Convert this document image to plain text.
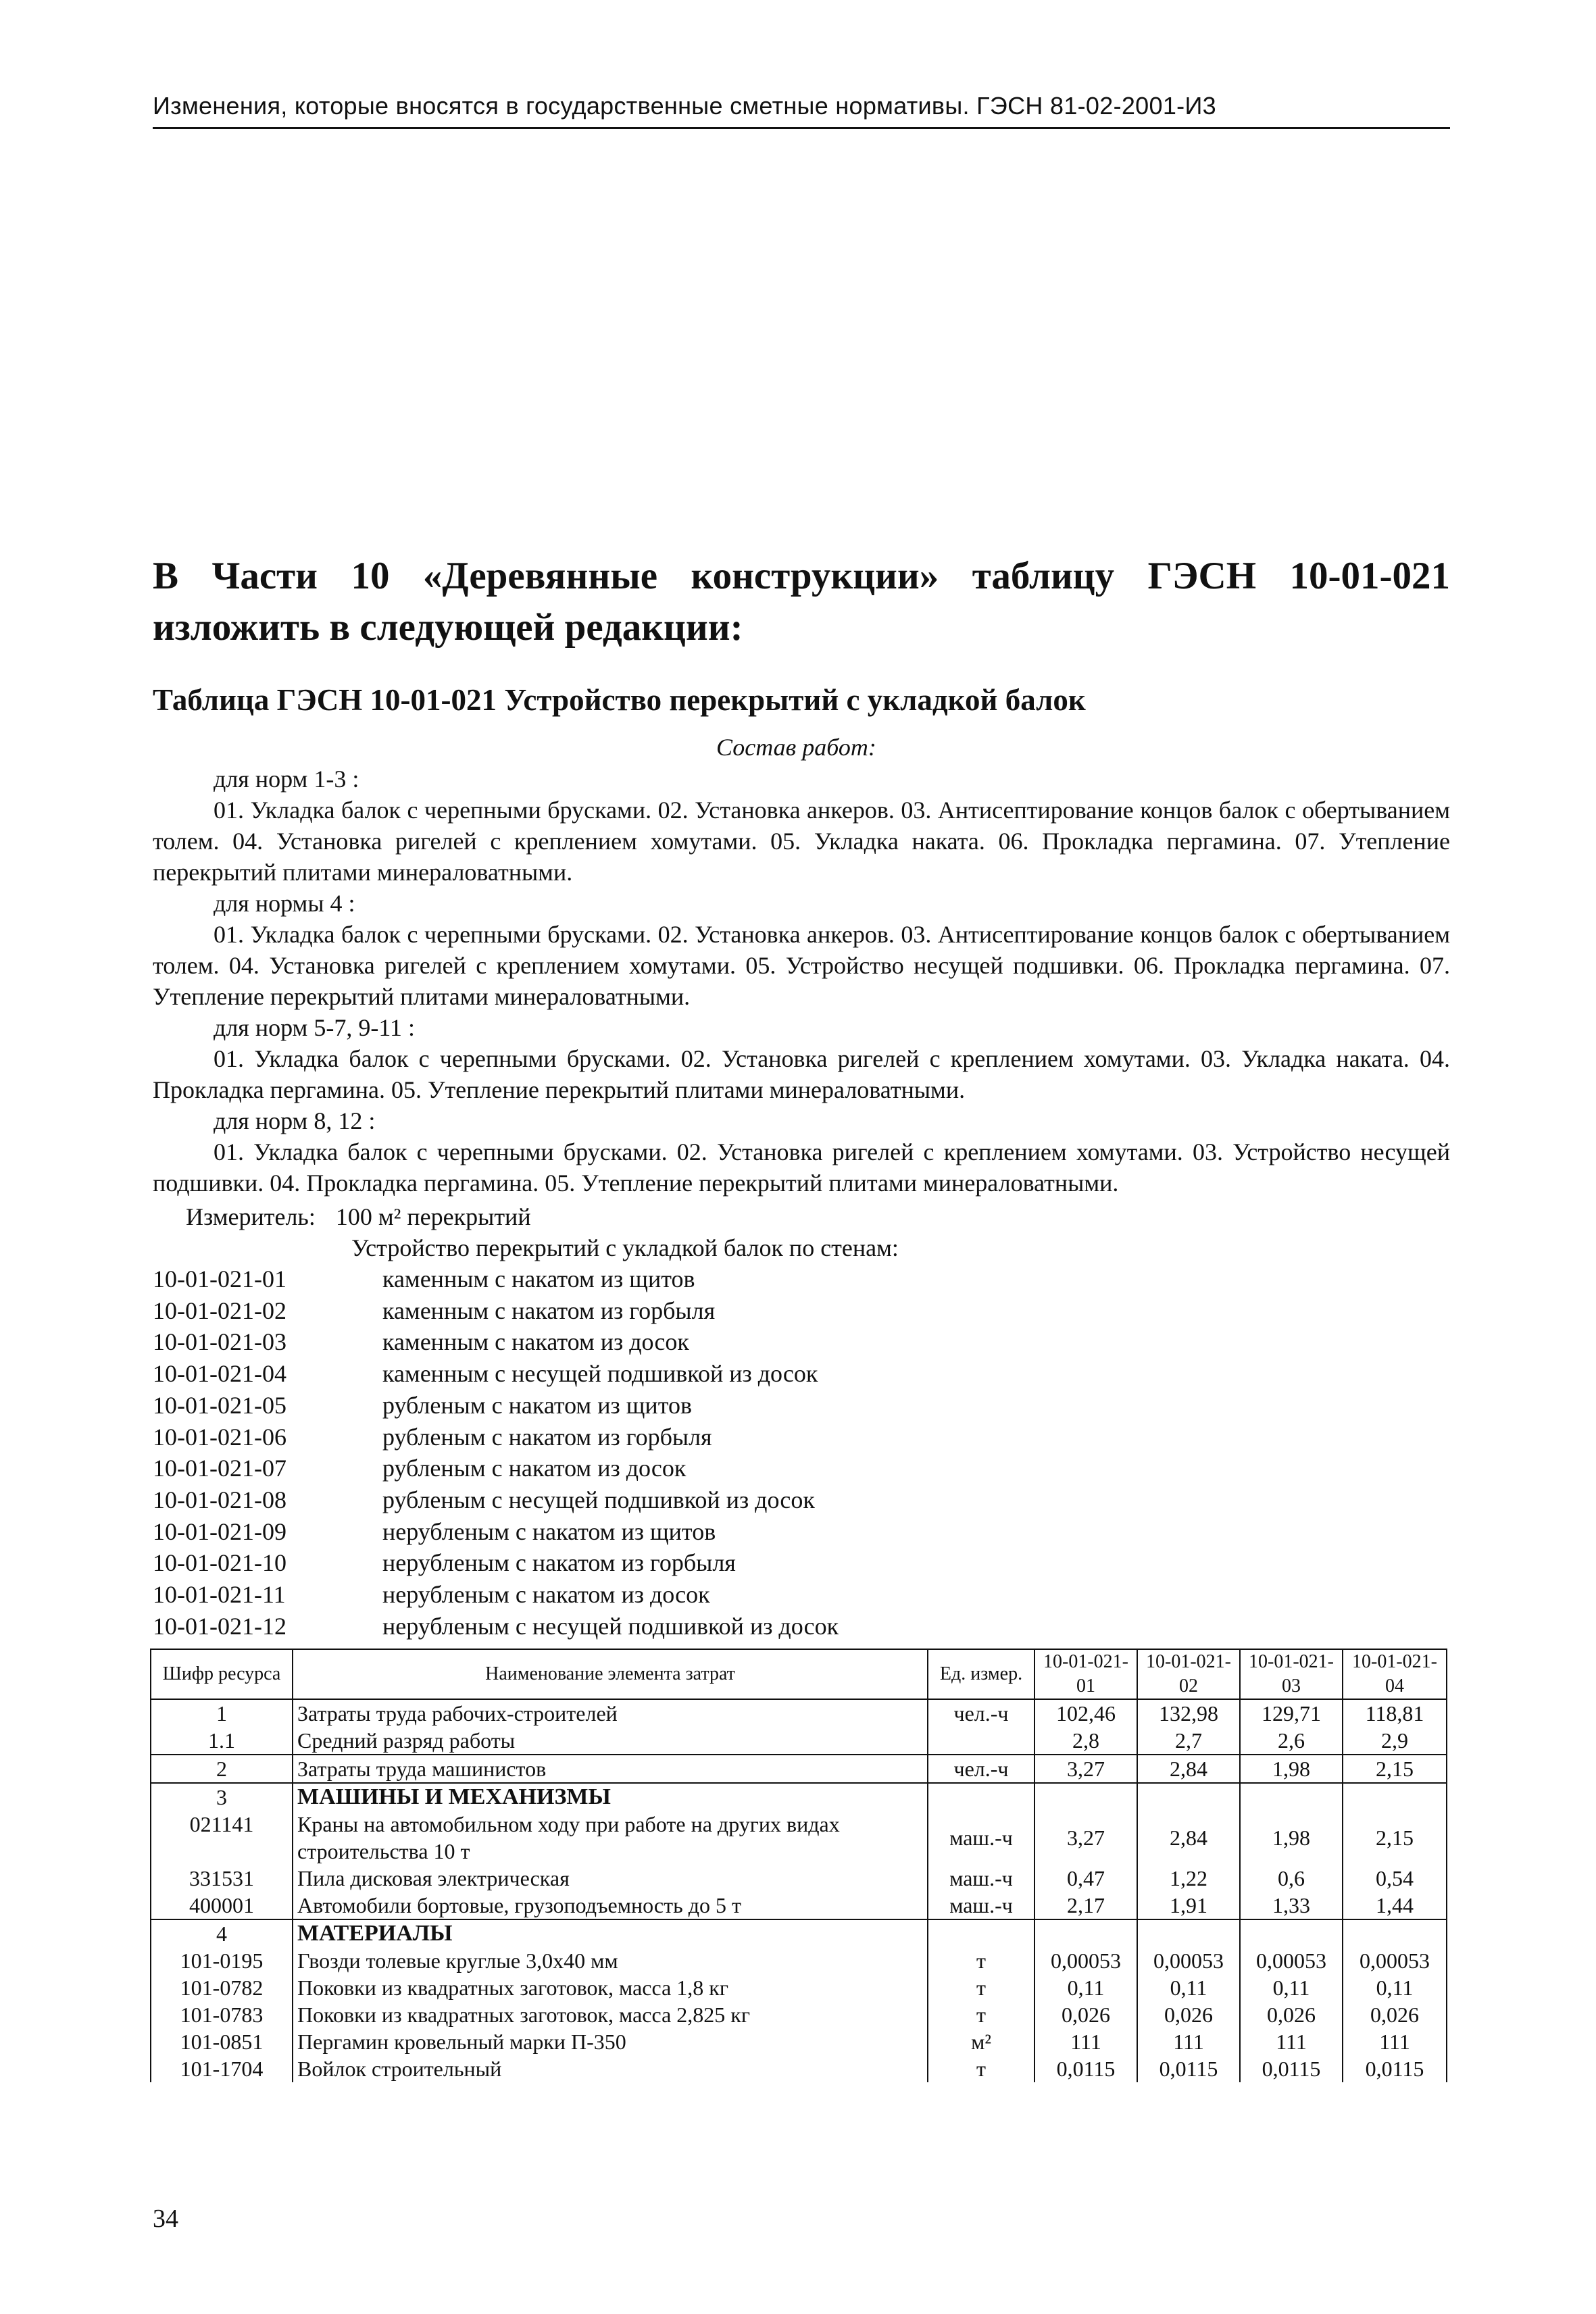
Изменения, которые вносятся в государственные сметные нормативы. ГЭСН 81-02-2001-И3
В Части 10 «Деревянные конструкции» таблицу ГЭСН 10-01-021 изложить в следующей редакции:
Таблица ГЭСН 10-01-021 Устройство перекрытий с укладкой балок
Состав работ:

для норм 1-3 :

01. Укладка балок с черепными брусками. 02. Установка анкеров. 03. Антисептирование концов балок с обертыванием толем. 04. Установка ригелей с креплением хомутами. 05. Укладка наката. 06. Прокладка пергамина. 07. Утепление перекрытий плитами минераловатными.

для нормы 4 :

01. Укладка балок с черепными брусками. 02. Установка анкеров. 03. Антисептирование концов балок с обертыванием толем. 04. Установка ригелей с креплением хомутами. 05. Устройство несущей подшивки. 06. Прокладка пергамина. 07. Утепление перекрытий плитами минераловатными.

для норм 5-7, 9-11 :

01. Укладка балок с черепными брусками. 02. Установка ригелей с креплением хомутами. 03. Укладка наката. 04. Прокладка пергамина. 05. Утепление перекрытий плитами минераловатными.

для норм 8, 12 :

01. Укладка балок с черепными брусками. 02. Установка ригелей с креплением хомутами. 03. Устройство несущей подшивки. 04. Прокладка пергамина. 05. Утепление перекрытий плитами минераловатными.

Измеритель: 100 м² перекрытий
Устройство перекрытий с укладкой балок по стенам:
10-01-021-01	каменным с накатом из щитов
10-01-021-02	каменным с накатом из горбыля
10-01-021-03	каменным с накатом из досок
10-01-021-04	каменным с несущей подшивкой из досок
10-01-021-05	рубленым с накатом из щитов
10-01-021-06	рубленым с накатом из горбыля
10-01-021-07	рубленым с накатом из досок
10-01-021-08	рубленым с несущей подшивкой из досок
10-01-021-09	нерубленым с накатом из щитов
10-01-021-10	нерубленым с накатом из горбыля
10-01-021-11	нерубленым с накатом из досок
10-01-021-12	нерубленым с несущей подшивкой из досок
Шифр ресурса	Наименование элемента затрат	Ед. измер.	10-01-021-01	10-01-021-02	10-01-021-03	10-01-021-04
1	Затраты труда рабочих-строителей	чел.-ч	102,46	132,98	129,71	118,81
1.1	Средний разряд работы		2,8	2,7	2,6	2,9
2	Затраты труда машинистов	чел.-ч	3,27	2,84	1,98	2,15
3	МАШИНЫ И МЕХАНИЗМЫ					
021141	Краны на автомобильном ходу при работе на других видах строительства 10 т	маш.-ч	3,27	2,84	1,98	2,15
331531	Пила дисковая электрическая	маш.-ч	0,47	1,22	0,6	0,54
400001	Автомобили бортовые, грузоподъемность до 5 т	маш.-ч	2,17	1,91	1,33	1,44
4	МАТЕРИАЛЫ					
101-0195	Гвозди толевые круглые 3,0х40 мм	т	0,00053	0,00053	0,00053	0,00053
101-0782	Поковки из квадратных заготовок, масса 1,8 кг	т	0,11	0,11	0,11	0,11
101-0783	Поковки из квадратных заготовок, масса 2,825 кг	т	0,026	0,026	0,026	0,026
101-0851	Пергамин кровельный марки П-350	м²	111	111	111	111
101-1704	Войлок строительный	т	0,0115	0,0115	0,0115	0,0115
34
